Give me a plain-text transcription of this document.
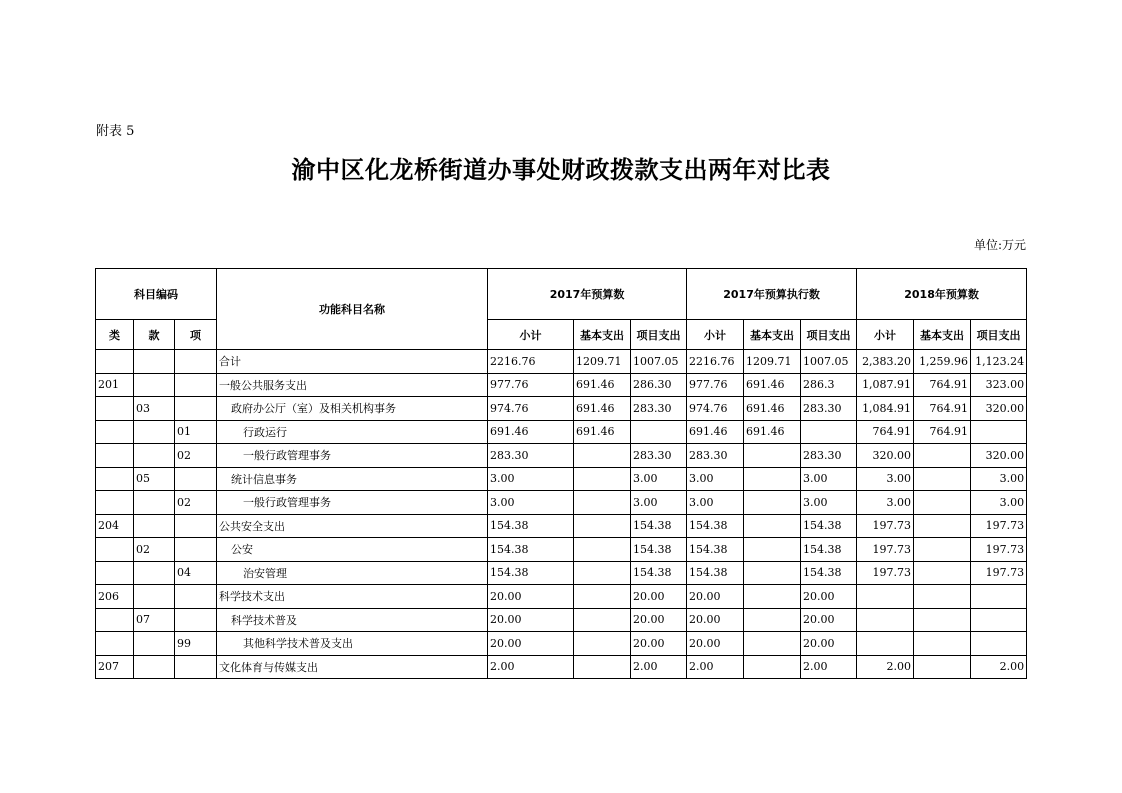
附表 5
渝中区化龙桥街道办事处财政拨款支出两年对比表
单位:万元
科目编码			功能科目名称	2017年预算数			2017年预算执行数			2018年预算数		
类	款	项		小计	基本支出	项目支出	小计	基本支出	项目支出	小计	基本支出	项目支出
			合计	2216.76	1209.71	1007.05	2216.76	1209.71	1007.05	2,383.20	1,259.96	1,123.24
201			一般公共服务支出	977.76	691.46	286.30	977.76	691.46	286.3	1,087.91	764.91	323.00
	03		政府办公厅（室）及相关机构事务	974.76	691.46	283.30	974.76	691.46	283.30	1,084.91	764.91	320.00
		01	行政运行	691.46	691.46		691.46	691.46		764.91	764.91	
		02	一般行政管理事务	283.30		283.30	283.30		283.30	320.00		320.00
	05		统计信息事务	3.00		3.00	3.00		3.00	3.00		3.00
		02	一般行政管理事务	3.00		3.00	3.00		3.00	3.00		3.00
204			公共安全支出	154.38		154.38	154.38		154.38	197.73		197.73
	02		公安	154.38		154.38	154.38		154.38	197.73		197.73
		04	治安管理	154.38		154.38	154.38		154.38	197.73		197.73
206			科学技术支出	20.00		20.00	20.00		20.00			
	07		科学技术普及	20.00		20.00	20.00		20.00			
		99	其他科学技术普及支出	20.00		20.00	20.00		20.00			
207			文化体育与传媒支出	2.00		2.00	2.00		2.00	2.00		2.00
